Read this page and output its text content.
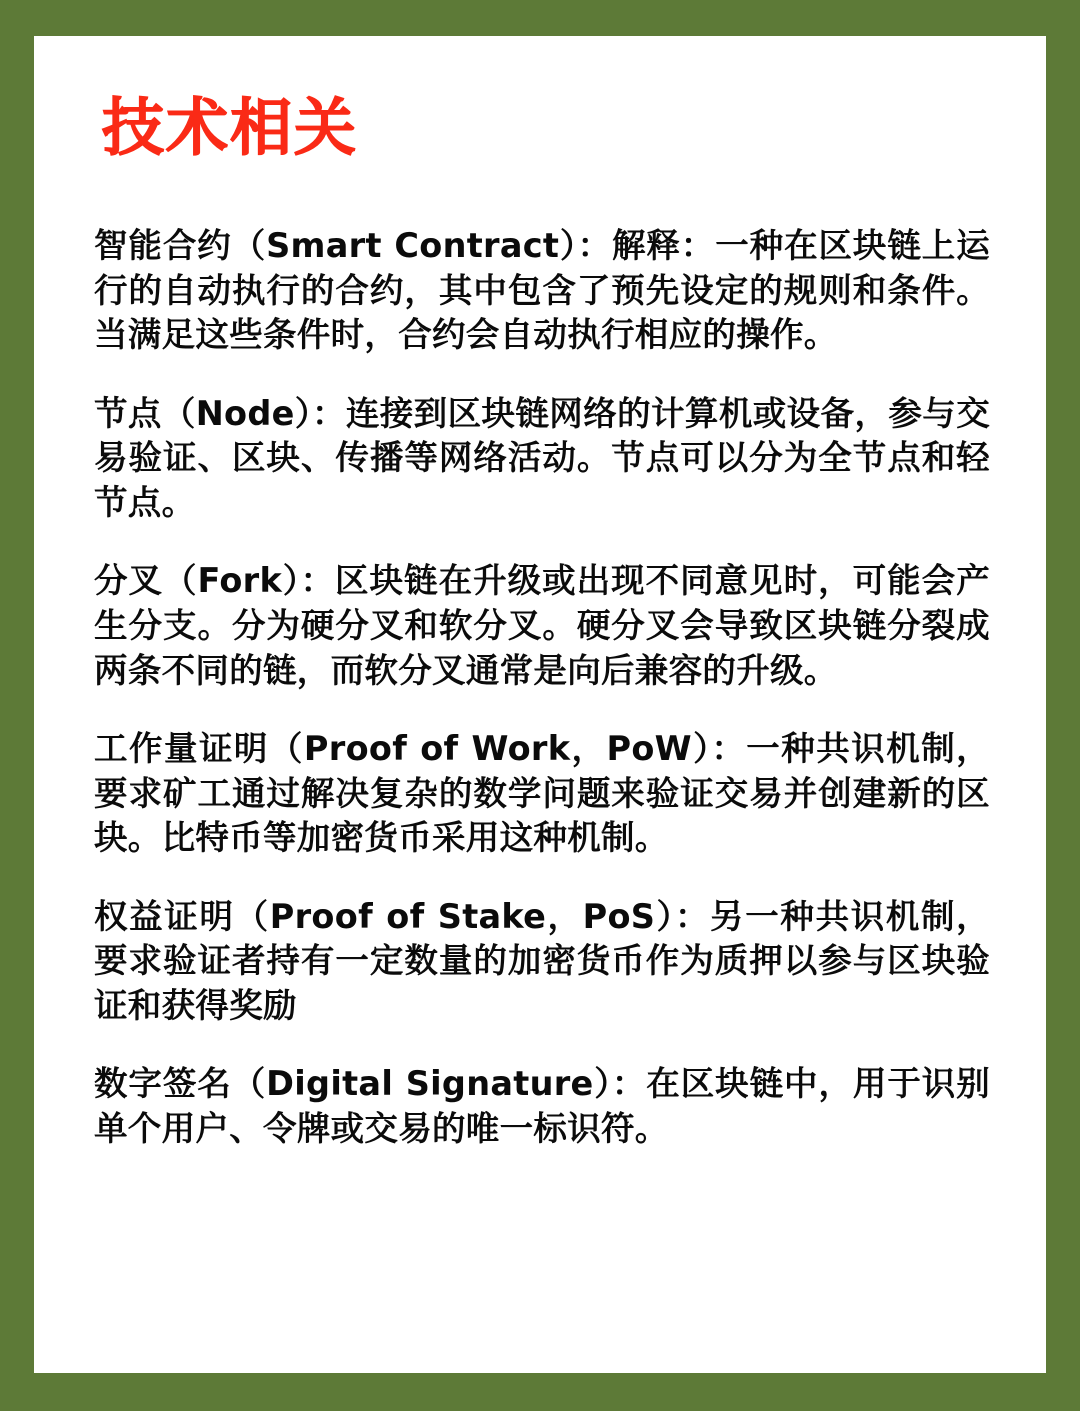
技术相关

智能合约（Smart Contract）：解释：一种在区块链上运行的自动执行的合约，其中包含了预先设定的规则和条件。当满足这些条件时，合约会自动执行相应的操作。

节点（Node）：连接到区块链网络的计算机或设备，参与交易验证、区块、传播等网络活动。节点可以分为全节点和轻节点。

分叉（Fork）：区块链在升级或出现不同意见时，可能会产生分支。分为硬分叉和软分叉。硬分叉会导致区块链分裂成两条不同的链，而软分叉通常是向后兼容的升级。

工作量证明（Proof of Work，PoW）：一种共识机制，要求矿工通过解决复杂的数学问题来验证交易并创建新的区块。比特币等加密货币采用这种机制。

权益证明（Proof of Stake，PoS）：另一种共识机制，要求验证者持有一定数量的加密货币作为质押以参与区块验证和获得奖励

数字签名（Digital Signature）：在区块链中，用于识别单个用户、令牌或交易的唯一标识符。
